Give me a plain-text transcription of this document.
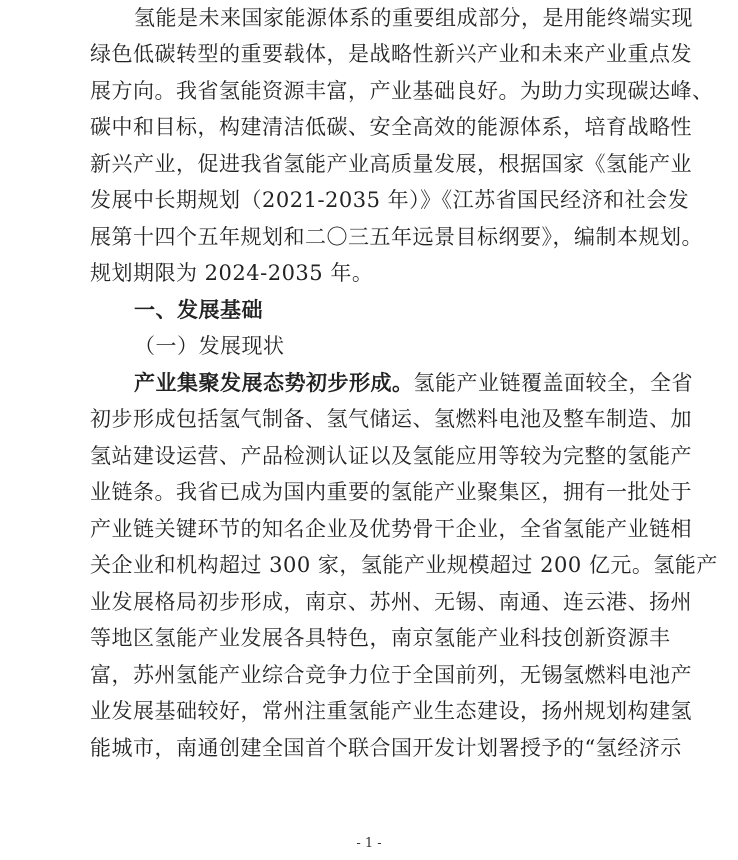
氢能是未来国家能源体系的重要组成部分，是用能终端实现
绿色低碳转型的重要载体，是战略性新兴产业和未来产业重点发
展方向。我省氢能资源丰富，产业基础良好。为助力实现碳达峰、
碳中和目标，构建清洁低碳、安全高效的能源体系，培育战略性
新兴产业，促进我省氢能产业高质量发展，根据国家《氢能产业
发展中长期规划（2021-2035 年）》《江苏省国民经济和社会发
展第十四个五年规划和二〇三五年远景目标纲要》，编制本规划。
规划期限为 2024-2035 年。
一、发展基础
（一）发展现状
产业集聚发展态势初步形成。氢能产业链覆盖面较全，全省
初步形成包括氢气制备、氢气储运、氢燃料电池及整车制造、加
氢站建设运营、产品检测认证以及氢能应用等较为完整的氢能产
业链条。我省已成为国内重要的氢能产业聚集区，拥有一批处于
产业链关键环节的知名企业及优势骨干企业，全省氢能产业链相
关企业和机构超过 300 家，氢能产业规模超过 200 亿元。氢能产
业发展格局初步形成，南京、苏州、无锡、南通、连云港、扬州
等地区氢能产业发展各具特色，南京氢能产业科技创新资源丰
富，苏州氢能产业综合竞争力位于全国前列，无锡氢燃料电池产
业发展基础较好，常州注重氢能产业生态建设，扬州规划构建氢
能城市，南通创建全国首个联合国开发计划署授予的“氢经济示
- 1 -
